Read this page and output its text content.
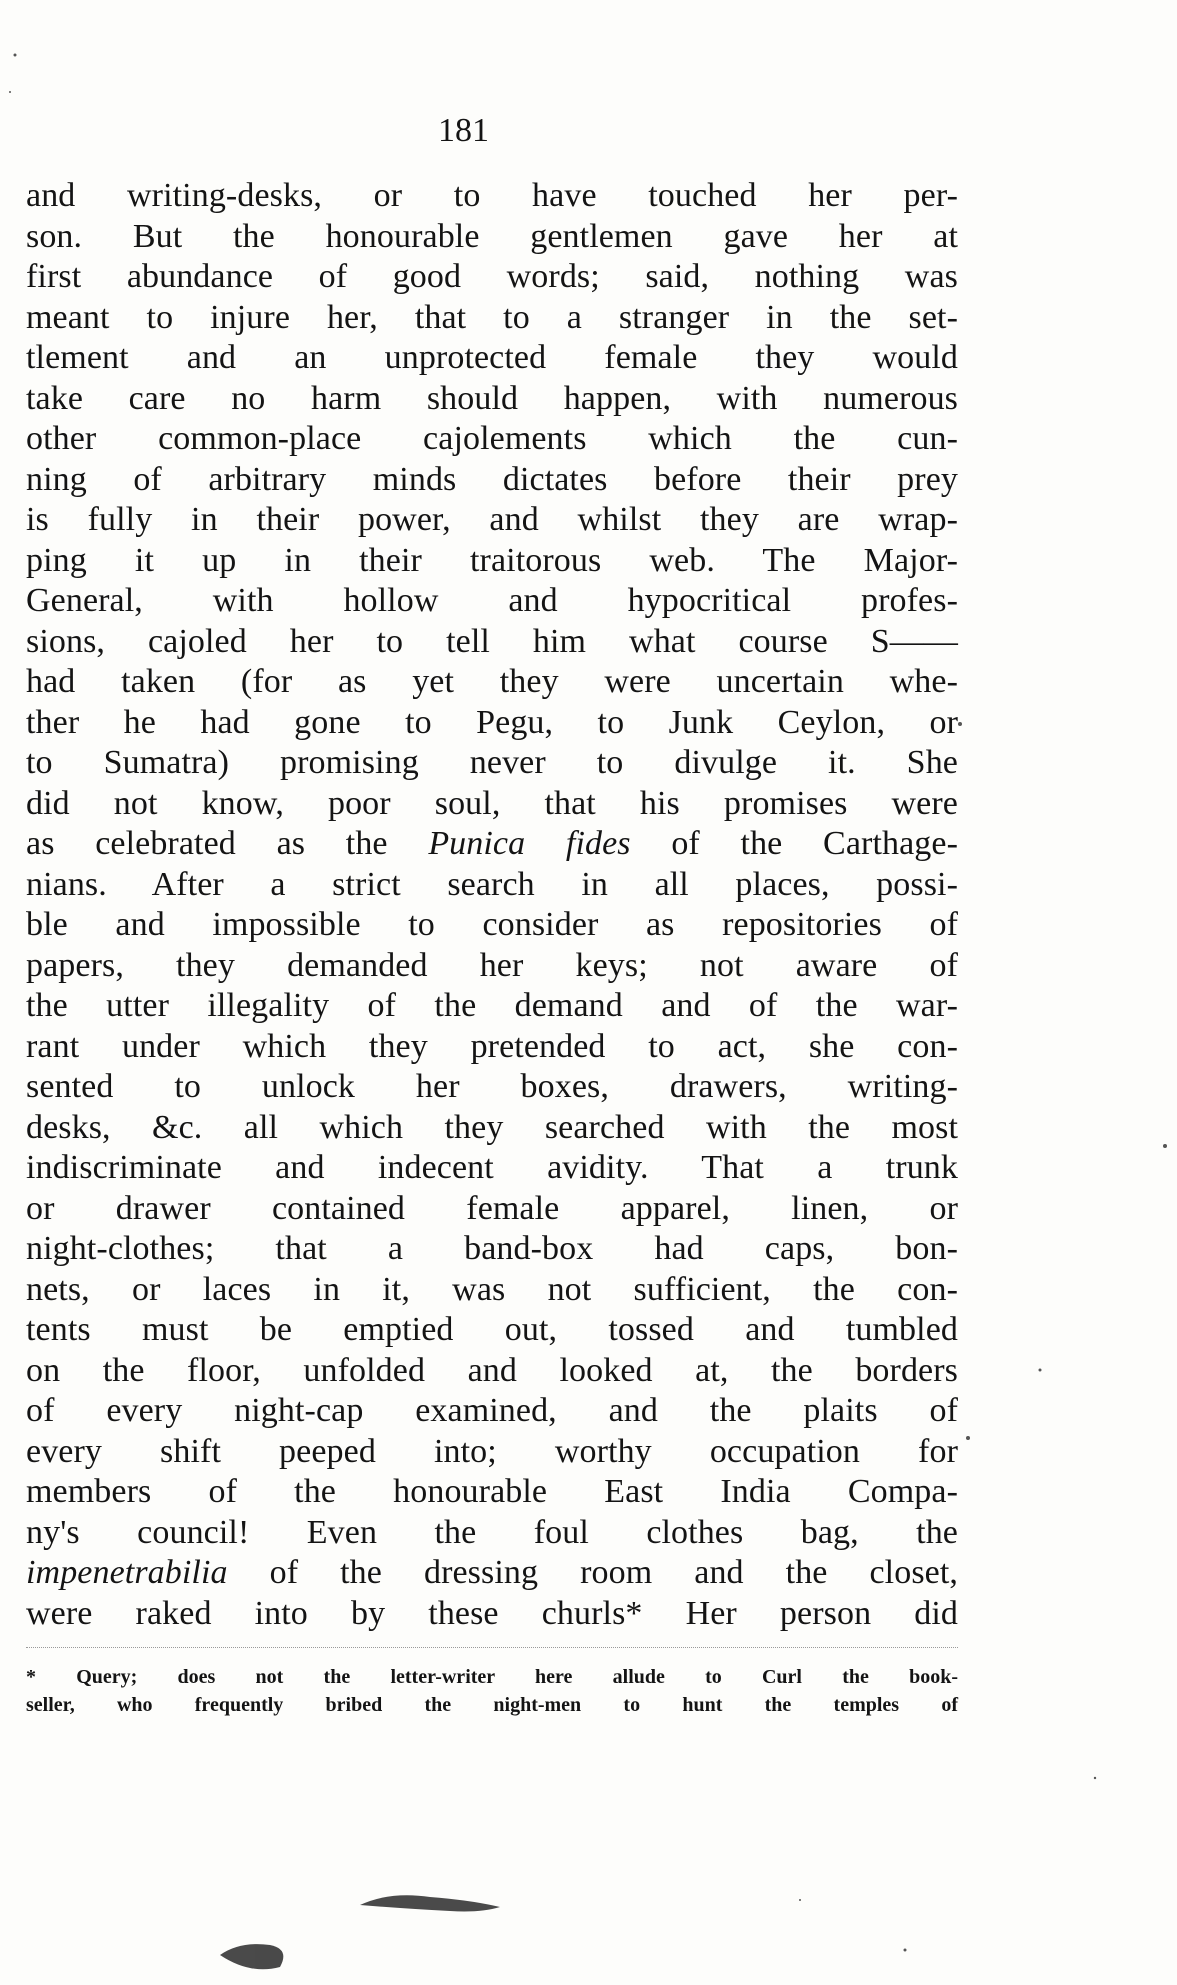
181
and writing-desks, or to have touched her per-
son. But the honourable gentlemen gave her at
first abundance of good words; said, nothing was
meant to injure her, that to a stranger in the set-
tlement and an unprotected female they would
take care no harm should happen, with numerous
other common-place cajolements which the cun-
ning of arbitrary minds dictates before their prey
is fully in their power, and whilst they are wrap-
ping it up in their traitorous web. The Major-
General, with hollow and hypocritical profes-
sions, cajoled her to tell him what course S——
had taken (for as yet they were uncertain whe-
ther he had gone to Pegu, to Junk Ceylon, or
to Sumatra) promising never to divulge it. She
did not know, poor soul, that his promises were
as celebrated as the Punica fides of the Carthage-
nians. After a strict search in all places, possi-
ble and impossible to consider as repositories of
papers, they demanded her keys; not aware of
the utter illegality of the demand and of the war-
rant under which they pretended to act, she con-
sented to unlock her boxes, drawers, writing-
desks, &c. all which they searched with the most
indiscriminate and indecent avidity. That a trunk
or drawer contained female apparel, linen, or
night-clothes; that a band-box had caps, bon-
nets, or laces in it, was not sufficient, the con-
tents must be emptied out, tossed and tumbled
on the floor, unfolded and looked at, the borders
of every night-cap examined, and the plaits of
every shift peeped into; worthy occupation for
members of the honourable East India Compa-
ny's council! Even the foul clothes bag, the
impenetrabilia of the dressing room and the closet,
were raked into by these churls* Her person did
* Query; does not the letter-writer here allude to Curl the book-
seller, who frequently bribed the night-men to hunt the temples of
